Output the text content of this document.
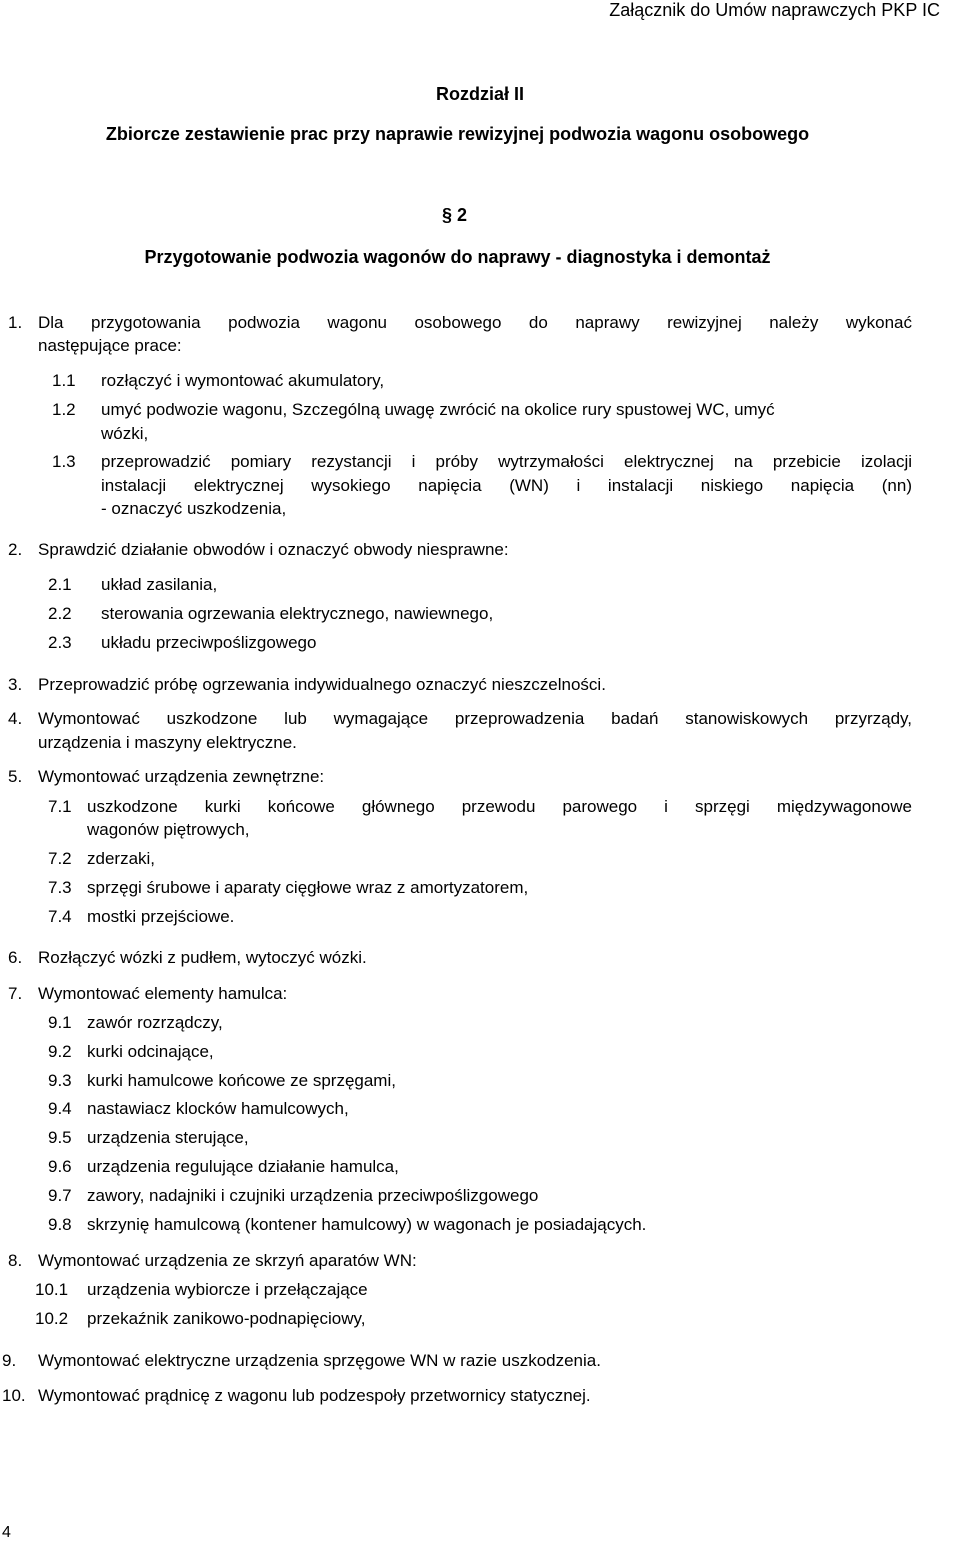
Załącznik do Umów naprawczych PKP IC
Rozdział II
Zbiorcze zestawienie prac przy naprawie rewizyjnej podwozia wagonu osobowego
§ 2
Przygotowanie podwozia wagonów do naprawy - diagnostyka i demontaż
1. Dla przygotowania podwozia wagonu osobowego do naprawy rewizyjnej należy wykonać
następujące prace:
1.1 rozłączyć i wymontować akumulatory,
1.2 umyć podwozie wagonu, Szczególną uwagę zwrócić na okolice rury spustowej WC, umyć
wózki,
1.3 przeprowadzić pomiary rezystancji i próby wytrzymałości elektrycznej na przebicie izolacji
instalacji elektrycznej wysokiego napięcia (WN) i instalacji niskiego napięcia (nn)
- oznaczyć uszkodzenia,
2. Sprawdzić działanie obwodów i oznaczyć obwody niesprawne:
2.1 układ zasilania,
2.2 sterowania ogrzewania elektrycznego, nawiewnego,
2.3 układu przeciwpoślizgowego
3. Przeprowadzić próbę ogrzewania indywidualnego oznaczyć nieszczelności.
4. Wymontować uszkodzone lub wymagające przeprowadzenia badań stanowiskowych przyrządy,
urządzenia i maszyny elektryczne.
5. Wymontować urządzenia zewnętrzne:
7.1 uszkodzone kurki końcowe głównego przewodu parowego i sprzęgi międzywagonowe
wagonów piętrowych,
7.2 zderzaki,
7.3 sprzęgi śrubowe i aparaty cięgłowe wraz z amortyzatorem,
7.4 mostki przejściowe.
6. Rozłączyć wózki z pudłem, wytoczyć wózki.
7. Wymontować elementy hamulca:
9.1 zawór rozrządczy,
9.2 kurki odcinające,
9.3 kurki hamulcowe końcowe ze sprzęgami,
9.4 nastawiacz klocków hamulcowych,
9.5 urządzenia sterujące,
9.6 urządzenia regulujące działanie hamulca,
9.7 zawory, nadajniki i czujniki urządzenia przeciwpoślizgowego
9.8 skrzynię hamulcową (kontener hamulcowy) w wagonach je posiadających.
8. Wymontować urządzenia ze skrzyń aparatów WN:
10.1 urządzenia wybiorcze i przełączające
10.2 przekaźnik zanikowo-podnapięciowy,
9. Wymontować elektryczne urządzenia sprzęgowe WN w razie uszkodzenia.
10. Wymontować prądnicę z wagonu lub podzespoły przetwornicy statycznej.
4
